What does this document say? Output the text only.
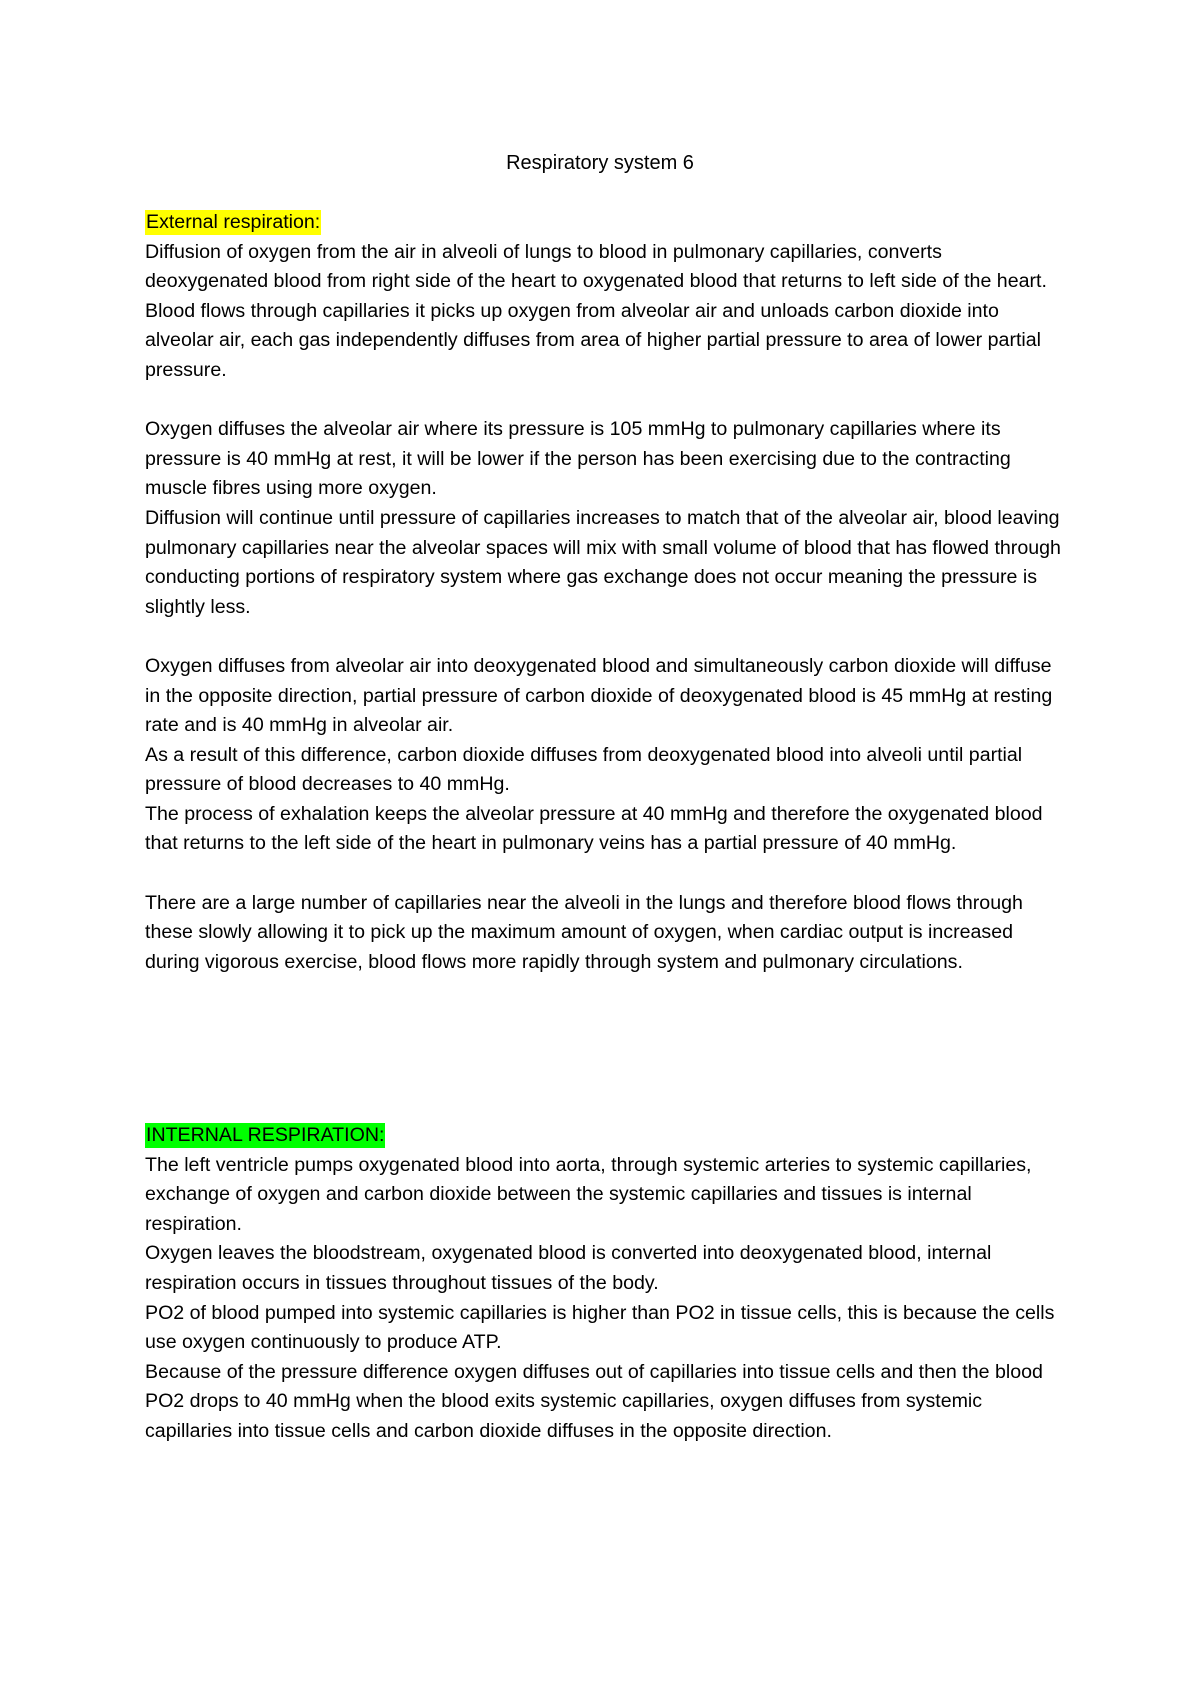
Respiratory system 6

External respiration:

Diffusion of oxygen from the air in alveoli of lungs to blood in pulmonary capillaries, converts deoxygenated blood from right side of the heart to oxygenated blood that returns to left side of the heart.

Blood flows through capillaries it picks up oxygen from alveolar air and unloads carbon dioxide into alveolar air, each gas independently diffuses from area of higher partial pressure to area of lower partial pressure.

Oxygen diffuses the alveolar air where its pressure is 105 mmHg to pulmonary capillaries where its pressure is 40 mmHg at rest, it will be lower if the person has been exercising due to the contracting muscle fibres using more oxygen.

Diffusion will continue until pressure of capillaries increases to match that of the alveolar air, blood leaving pulmonary capillaries near the alveolar spaces will mix with small volume of blood that has flowed through conducting portions of respiratory system where gas exchange does not occur meaning the pressure is slightly less.

Oxygen diffuses from alveolar air into deoxygenated blood and simultaneously carbon dioxide will diffuse in the opposite direction, partial pressure of carbon dioxide of deoxygenated blood is 45 mmHg at resting rate and is 40 mmHg in alveolar air.

As a result of this difference, carbon dioxide diffuses from deoxygenated blood into alveoli until partial pressure of blood decreases to 40 mmHg.

The process of exhalation keeps the alveolar pressure at 40 mmHg and therefore the oxygenated blood that returns to the left side of the heart in pulmonary veins has a partial pressure of 40 mmHg.

There are a large number of capillaries near the alveoli in the lungs and therefore blood flows through these slowly allowing it to pick up the maximum amount of oxygen, when cardiac output is increased during vigorous exercise, blood flows more rapidly through system and pulmonary circulations.

INTERNAL RESPIRATION:

The left ventricle pumps oxygenated blood into aorta, through systemic arteries to systemic capillaries, exchange of oxygen and carbon dioxide between the systemic capillaries and tissues is internal respiration.

Oxygen leaves the bloodstream, oxygenated blood is converted into deoxygenated blood, internal respiration occurs in tissues throughout tissues of the body.

PO2 of blood pumped into systemic capillaries is higher than PO2 in tissue cells, this is because the cells use oxygen continuously to produce ATP.

Because of the pressure difference oxygen diffuses out of capillaries into tissue cells and then the blood PO2 drops to 40 mmHg when the blood exits systemic capillaries, oxygen diffuses from systemic capillaries into tissue cells and carbon dioxide diffuses in the opposite direction.
